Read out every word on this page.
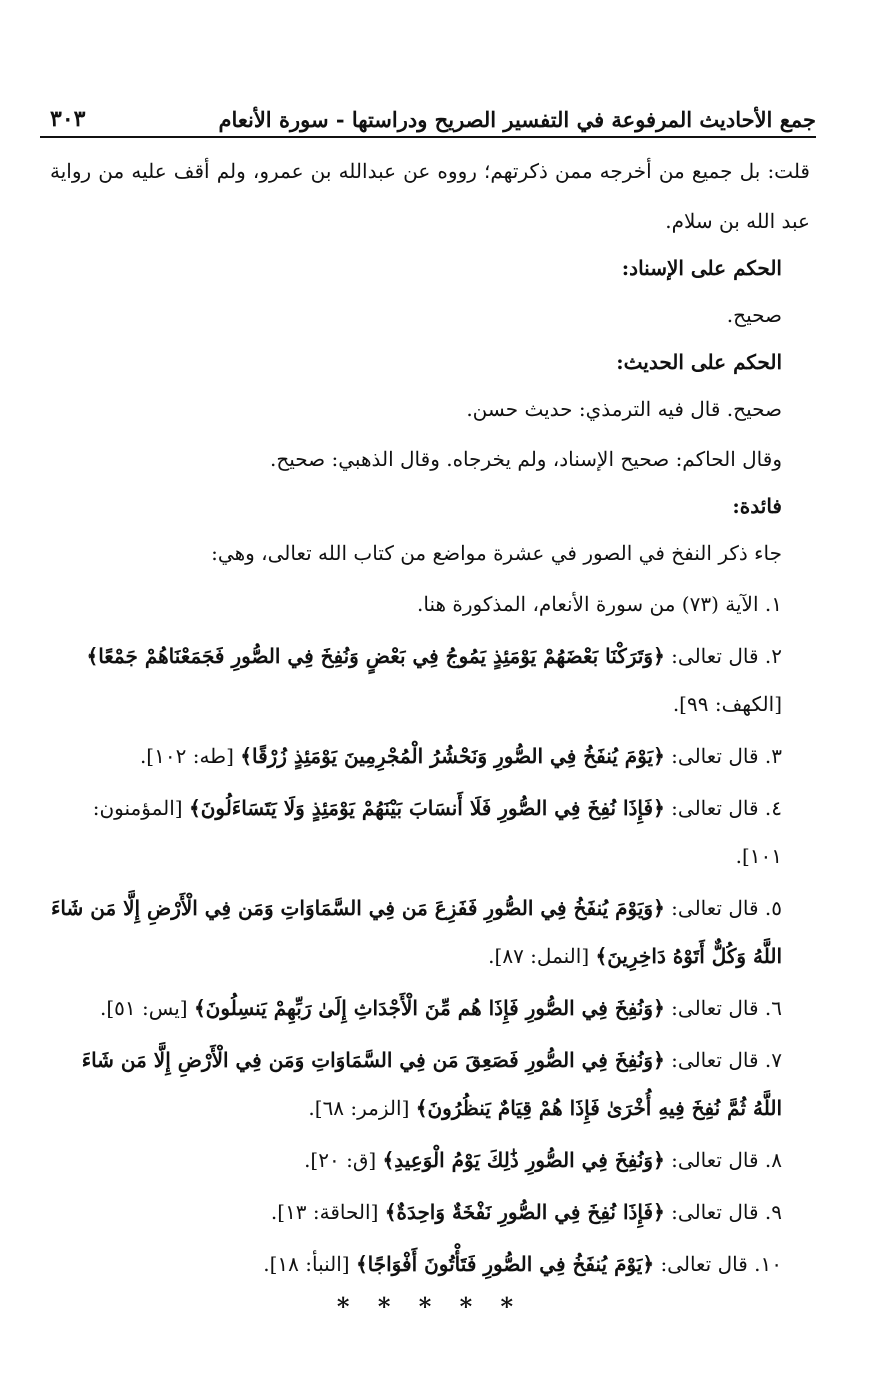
جمع الأحاديث المرفوعة في التفسير الصريح ودراستها - سورة الأنعام
٣٠٣

قلت: بل جميع من أخرجه ممن ذكرتهم؛ رووه عن عبدالله بن عمرو، ولم أقف عليه من رواية عبد الله بن سلام.

الحكم على الإسناد:

صحيح.

الحكم على الحديث:

صحيح. قال فيه الترمذي: حديث حسن.

وقال الحاكم: صحيح الإسناد، ولم يخرجاه. وقال الذهبي: صحيح.

فائدة:

جاء ذكر النفخ في الصور في عشرة مواضع من كتاب الله تعالى، وهي:

١. الآية (٧٣) من سورة الأنعام، المذكورة هنا.
٢. قال تعالى: ﴿وَتَرَكْنَا بَعْضَهُمْ يَوْمَئِذٍ يَمُوجُ فِي بَعْضٍ وَنُفِخَ فِي الصُّورِ فَجَمَعْنَاهُمْ جَمْعًا﴾ [الكهف: ٩٩].
٣. قال تعالى: ﴿يَوْمَ يُنفَخُ فِي الصُّورِ وَنَحْشُرُ الْمُجْرِمِينَ يَوْمَئِذٍ زُرْقًا﴾ [طه: ١٠٢].
٤. قال تعالى: ﴿فَإِذَا نُفِخَ فِي الصُّورِ فَلَا أَنسَابَ بَيْنَهُمْ يَوْمَئِذٍ وَلَا يَتَسَاءَلُونَ﴾ [المؤمنون: ١٠١].
٥. قال تعالى: ﴿وَيَوْمَ يُنفَخُ فِي الصُّورِ فَفَزِعَ مَن فِي السَّمَاوَاتِ وَمَن فِي الْأَرْضِ إِلَّا مَن شَاءَ اللَّهُ وَكُلٌّ أَتَوْهُ دَاخِرِينَ﴾ [النمل: ٨٧].
٦. قال تعالى: ﴿وَنُفِخَ فِي الصُّورِ فَإِذَا هُم مِّنَ الْأَجْدَاثِ إِلَىٰ رَبِّهِمْ يَنسِلُونَ﴾ [يس: ٥١].
٧. قال تعالى: ﴿وَنُفِخَ فِي الصُّورِ فَصَعِقَ مَن فِي السَّمَاوَاتِ وَمَن فِي الْأَرْضِ إِلَّا مَن شَاءَ اللَّهُ ثُمَّ نُفِخَ فِيهِ أُخْرَىٰ فَإِذَا هُمْ قِيَامٌ يَنظُرُونَ﴾ [الزمر: ٦٨].
٨. قال تعالى: ﴿وَنُفِخَ فِي الصُّورِ ذَٰلِكَ يَوْمُ الْوَعِيدِ﴾ [ق: ٢٠].
٩. قال تعالى: ﴿فَإِذَا نُفِخَ فِي الصُّورِ نَفْخَةٌ وَاحِدَةٌ﴾ [الحاقة: ١٣].
١٠. قال تعالى: ﴿يَوْمَ يُنفَخُ فِي الصُّورِ فَتَأْتُونَ أَفْوَاجًا﴾ [النبأ: ١٨].
* * * * *
